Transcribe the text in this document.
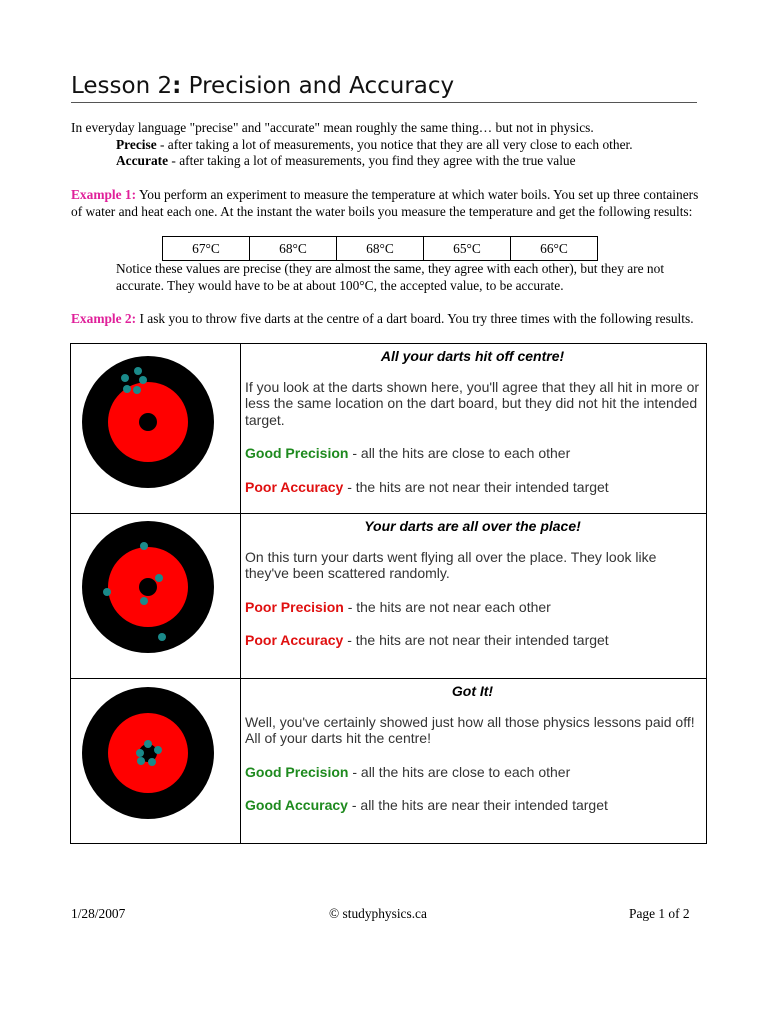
Lesson 2: Precision and Accuracy
In everyday language "precise" and "accurate" mean roughly the same thing… but not in physics.
Precise - after taking a lot of measurements, you notice that they are all very close to each other.
Accurate - after taking a lot of measurements, you find they agree with the true value
Example 1: You perform an experiment to measure the temperature at which water boils. You set up three containers of water and heat each one. At the instant the water boils you measure the temperature and get the following results:
67°C	68°C	68°C	65°C	66°C
Notice these values are precise (they are almost the same, they agree with each other), but they are not accurate. They would have to be at about 100°C, the accepted value, to be accurate.
Example 2: I ask you to throw five darts at the centre of a dart board. You try three times with the following results.

All your darts hit off centre!

If you look at the darts shown here, you'll agree that they all hit in more or less the same location on the dart board, but they did not hit the intended target.

Good Precision - all the hits are close to each other

Poor Accuracy - the hits are not near their intended target

Your darts are all over the place!

On this turn your darts went flying all over the place. They look like they've been scattered randomly.

Poor Precision - the hits are not near each other

Poor Accuracy - the hits are not near their intended target

Got It!

Well, you've certainly showed just how all those physics lessons paid off! All of your darts hit the centre!

Good Precision - all the hits are close to each other

Good Accuracy - all the hits are near their intended target

1/28/2007	© studyphysics.ca	Page 1 of 2
